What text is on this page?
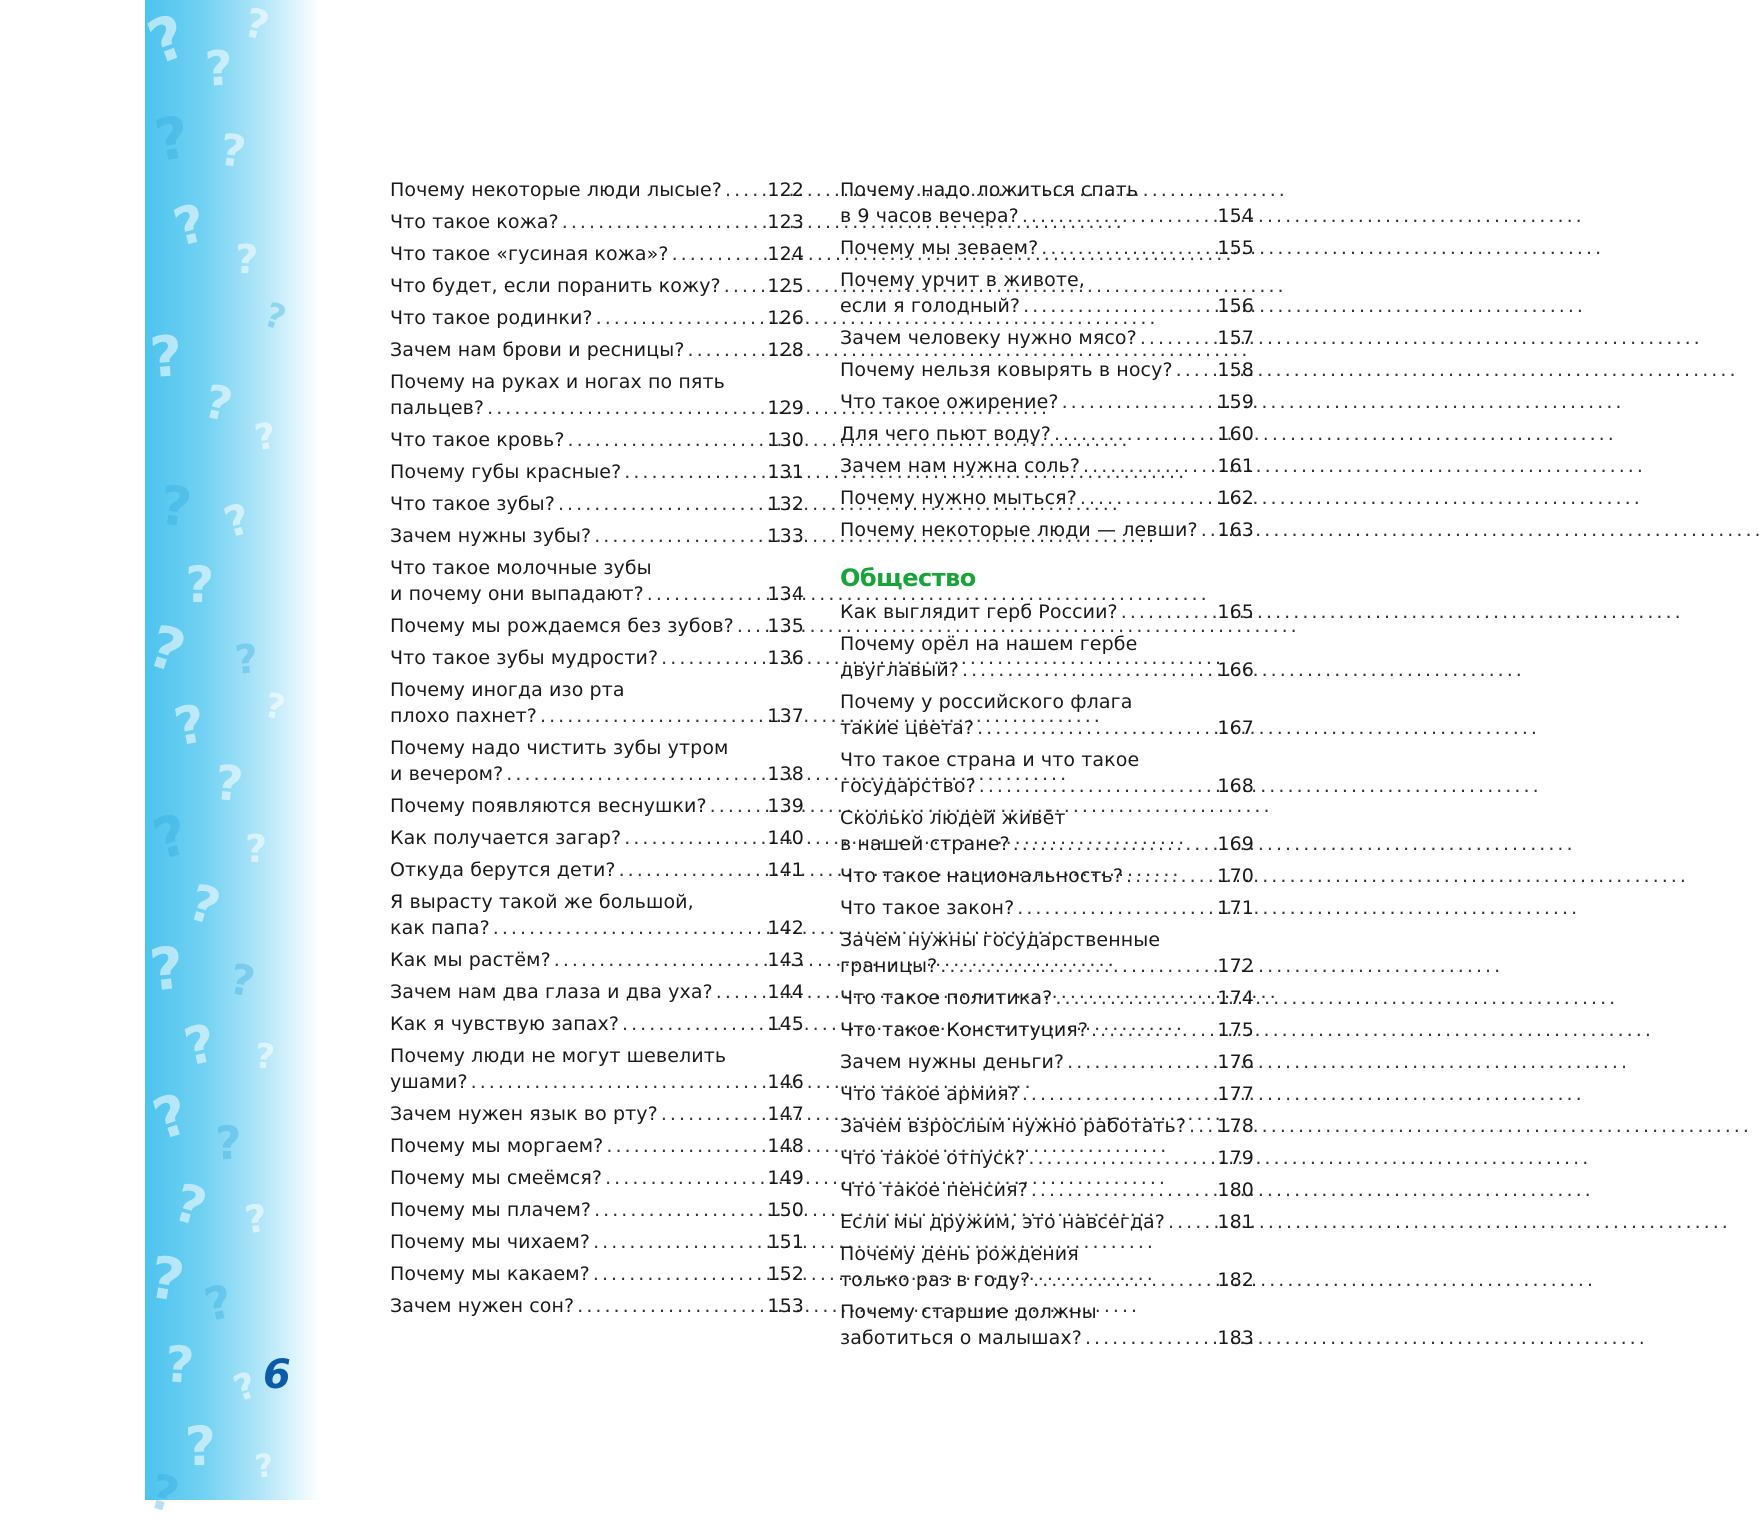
? ?
?
? ?
?
?
?
?
?
?
? ?
?
? ?
?
?
?
? ?
?
? ?
? ?
? ?
? ?
? ?
? ?
?
? ?
6
Почему некоторые люди лысые? . . . 122
Что такое кожа? . . .	123
Что такое «гусиная кожа»? . . .	124
Что будет, если поранить кожу? . . . 125
Что такое родинки? . . .	126
Зачем нам брови и ресницы? . . .	128
Почему на руках и ногах по пять
пальцев? . . .	129
Что такое кровь? . . .	130
Почему губы красные? . . .	131
Что такое зубы? . . .	132
Зачем нужны зубы? . . .	133
Что такое молочные зубы
и почему они выпадают? . . .	134
Почему мы рождаемся без зубов? . . . 135
Что такое зубы мудрости? . . .	136
Почему иногда изо рта
плохо пахнет? . . .	137
Почему надо чистить зубы утром
и вечером? . . .	138
Почему появляются веснушки? . . .	139
Как получается загар? . . .	140
Откуда берутся дети? . . .	141
Я вырасту такой же большой,
как папа? . . .	142
Как мы растём? . . .	143
Зачем нам два глаза и два уха? . . .	144
Как я чувствую запах? . . .	145
Почему люди не могут шевелить
ушами? . . .	146
Зачем нужен язык во рту? . . .	147
Почему мы моргаем? . . .	148
Почему мы смеёмся? . . .	149
Почему мы плачем? . . .	150
Почему мы чихаем? . . .	151
Почему мы какаем? . . .	152
Зачем нужен сон? . . .	153
Почему надо ложиться спать
в 9 часов вечера? . . .	154
Почему мы зеваем? . . .	155
Почему урчит в животе,
если я голодный? . . .	156
Зачем человеку нужно мясо? . . .	157
Почему нельзя ковырять в носу? . . . 158
Что такое ожирение? . . .	159
Для чего пьют воду? . . .	160
Зачем нам нужна соль? . . .	161
Почему нужно мыться? . . .	162
Почему некоторые люди — левши? . . . 163
Общество
Как выглядит герб России? . . .	165
Почему орёл на нашем гербе
двуглавый? . . .	166
Почему у российского флага
такие цвета? . . .	167
Что такое страна и что такое
государство? . . .	168
Сколько людей живёт
в нашей стране? . . .	169
Что такое национальность? . . .	170
Что такое закон? . . .	171
Зачем нужны государственные
границы? . . .	172
Что такое политика? . . .	174
Что такое Конституция? . . .	175
Зачем нужны деньги? . . .	176
Что такое армия? . . .	177
Зачем взрослым нужно работать? . . . 178
Что такое отпуск? . . .	179
Что такое пенсия? . . .	180
Если мы дружим, это навсегда? . . .	181
Почему день рождения
только раз в году? . . .	182
Почему старшие должны
заботиться о малышах? . . .	183
